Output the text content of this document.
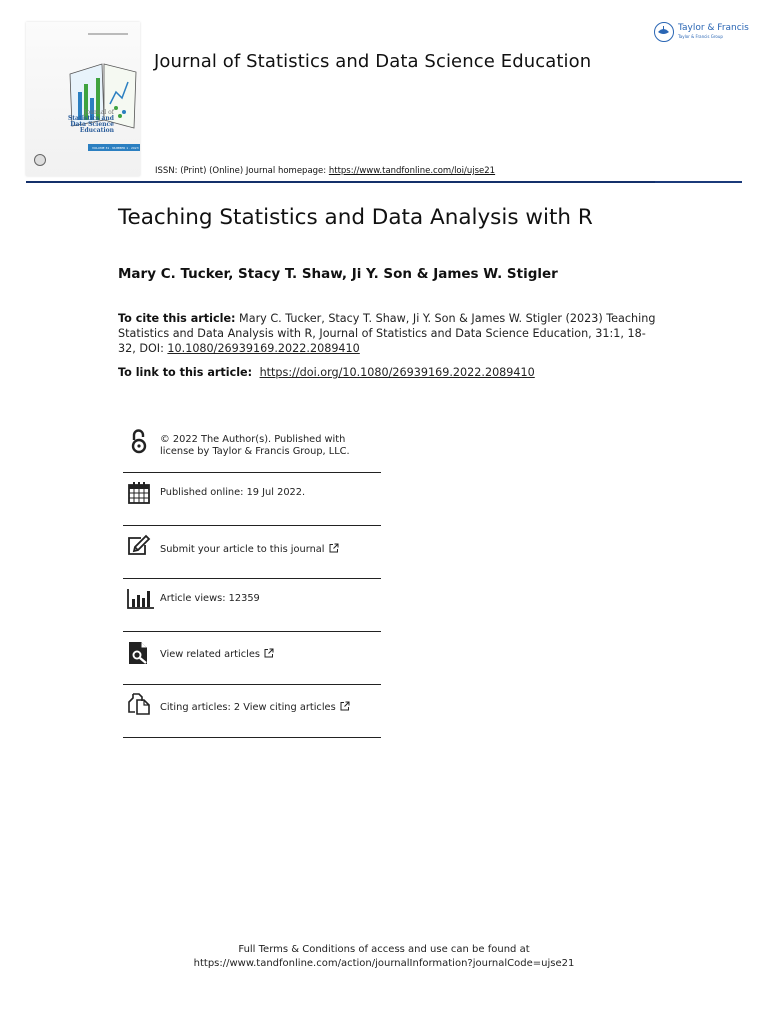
Journal of
Statistics and
Data Science
Education
VOLUME 31 · NUMBER 1 · 2023
Journal of Statistics and Data Science Education
ISSN: (Print) (Online) Journal homepage: https://www.tandfonline.com/loi/ujse21
Taylor & Francis
Taylor & Francis Group
Teaching Statistics and Data Analysis with R
Mary C. Tucker, Stacy T. Shaw, Ji Y. Son & James W. Stigler
To cite this article: Mary C. Tucker, Stacy T. Shaw, Ji Y. Son & James W. Stigler (2023) Teaching Statistics and Data Analysis with R, Journal of Statistics and Data Science Education, 31:1, 18-32, DOI: 10.1080/26939169.2022.2089410
To link to this article:  https://doi.org/10.1080/26939169.2022.2089410
© 2022 The Author(s). Published with
license by Taylor & Francis Group, LLC.
Published online: 19 Jul 2022.
Submit your article to this journal
Article views: 12359
View related articles
Citing articles: 2 View citing articles
Full Terms & Conditions of access and use can be found at
https://www.tandfonline.com/action/journalInformation?journalCode=ujse21
